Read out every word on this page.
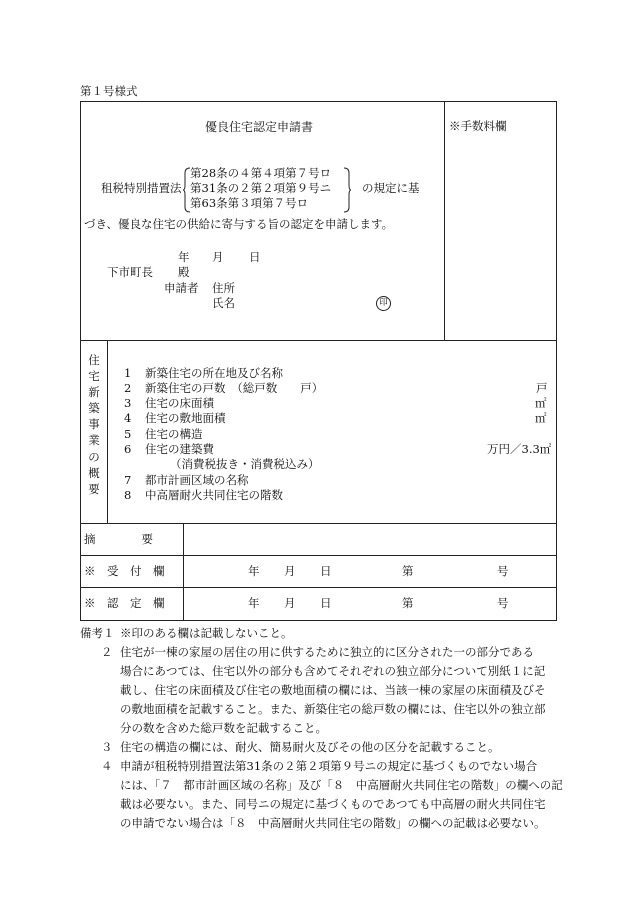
第１号様式
優良住宅認定申請書	※手数料欄
租税特別措置法
第28条の４第４項第７号ロ
第31条の２第２項第９号ニ
第63条第３項第７号ロ
の規定に基
づき、優良な住宅の供給に寄与する旨の認定を申請します。
年 月 日
下市町長 殿
申請者 住所
氏名	印
住
宅
新
築
事
業
の
概
要
1 新築住宅の所在地及び名称
2 新築住宅の戸数　（総戸数　　戸）	戸
3 住宅の床面積	㎡
4 住宅の敷地面積	㎡
5 住宅の構造
6 住宅の建築費	万円／3.3㎡
（消費税抜き・消費税込み）
7 都市計画区域の名称
8 中高層耐火共同住宅の階数
摘　　　　要
※　受　付　欄	年 月 日	第	号
※　認　定　欄	年 月 日	第	号
備考１ ※印のある欄は記載しないこと。
２ 住宅が一棟の家屋の居住の用に供するために独立的に区分された一の部分である
場合にあつては、住宅以外の部分も含めてそれぞれの独立部分について別紙１に記
載し、住宅の床面積及び住宅の敷地面積の欄には、当該一棟の家屋の床面積及びそ
の敷地面積を記載すること。また、新築住宅の総戸数の欄には、住宅以外の独立部
分の数を含めた総戸数を記載すること。
３ 住宅の構造の欄には、耐火、簡易耐火及びその他の区分を記載すること。
４ 申請が租税特別措置法第31条の２第２項第９号ニの規定に基づくものでない場合
には、「７　都市計画区域の名称」及び「８　中高層耐火共同住宅の階数」の欄への記
載は必要ない。また、同号ニの規定に基づくものであつても中高層の耐火共同住宅
の申請でない場合は「８　中高層耐火共同住宅の階数」の欄への記載は必要ない。
